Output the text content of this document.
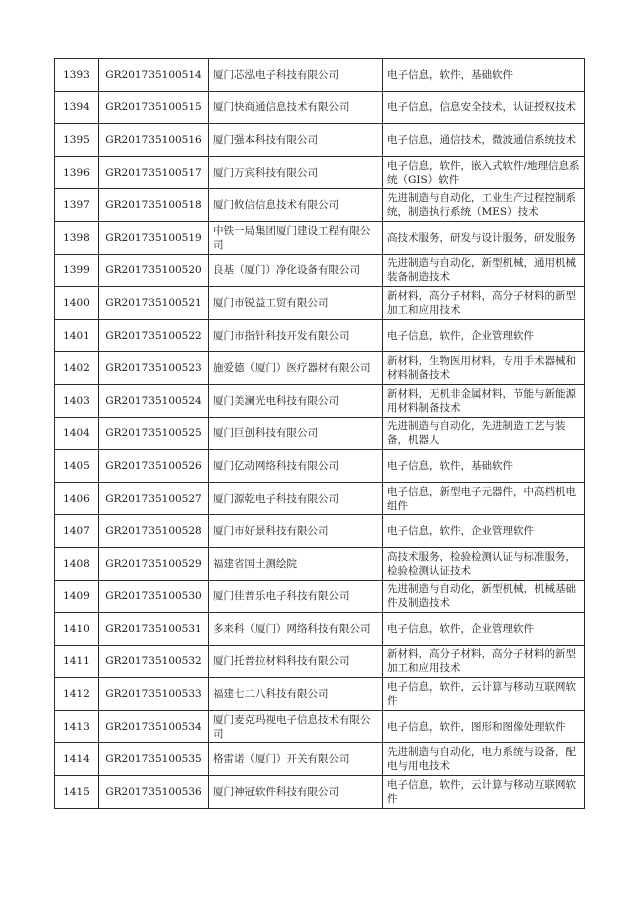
1393	GR201735100514	厦门芯泓电子科技有限公司	电子信息，软件，基础软件
1394	GR201735100515	厦门快商通信息技术有限公司	电子信息，信息安全技术，认证授权技术
1395	GR201735100516	厦门强本科技有限公司	电子信息，通信技术，微波通信系统技术
1396	GR201735100517	厦门万宾科技有限公司	电子信息，软件，嵌入式软件/地理信息系统（GIS）软件
1397	GR201735100518	厦门攸信信息技术有限公司	先进制造与自动化，工业生产过程控制系统，制造执行系统（MES）技术
1398	GR201735100519	中铁一局集团厦门建设工程有限公司	高技术服务，研发与设计服务，研发服务
1399	GR201735100520	良基（厦门）净化设备有限公司	先进制造与自动化，新型机械，通用机械装备制造技术
1400	GR201735100521	厦门市锐益工贸有限公司	新材料，高分子材料，高分子材料的新型加工和应用技术
1401	GR201735100522	厦门市指针科技开发有限公司	电子信息，软件，企业管理软件
1402	GR201735100523	施爱德（厦门）医疗器材有限公司	新材料，生物医用材料，专用手术器械和材料制备技术
1403	GR201735100524	厦门美澜光电科技有限公司	新材料，无机非金属材料，节能与新能源用材料制备技术
1404	GR201735100525	厦门巨创科技有限公司	先进制造与自动化，先进制造工艺与装备，机器人
1405	GR201735100526	厦门亿动网络科技有限公司	电子信息，软件，基础软件
1406	GR201735100527	厦门源乾电子科技有限公司	电子信息，新型电子元器件，中高档机电组件
1407	GR201735100528	厦门市好景科技有限公司	电子信息，软件，企业管理软件
1408	GR201735100529	福建省国土测绘院	高技术服务，检验检测认证与标准服务，检验检测认证技术
1409	GR201735100530	厦门佳普乐电子科技有限公司	先进制造与自动化，新型机械，机械基础件及制造技术
1410	GR201735100531	多来科（厦门）网络科技有限公司	电子信息，软件，企业管理软件
1411	GR201735100532	厦门托普拉材料科技有限公司	新材料，高分子材料，高分子材料的新型加工和应用技术
1412	GR201735100533	福建七二八科技有限公司	电子信息，软件，云计算与移动互联网软件
1413	GR201735100534	厦门麦克玛视电子信息技术有限公司	电子信息，软件，图形和图像处理软件
1414	GR201735100535	格雷诺（厦门）开关有限公司	先进制造与自动化，电力系统与设备，配电与用电技术
1415	GR201735100536	厦门神冠软件科技有限公司	电子信息，软件，云计算与移动互联网软件
